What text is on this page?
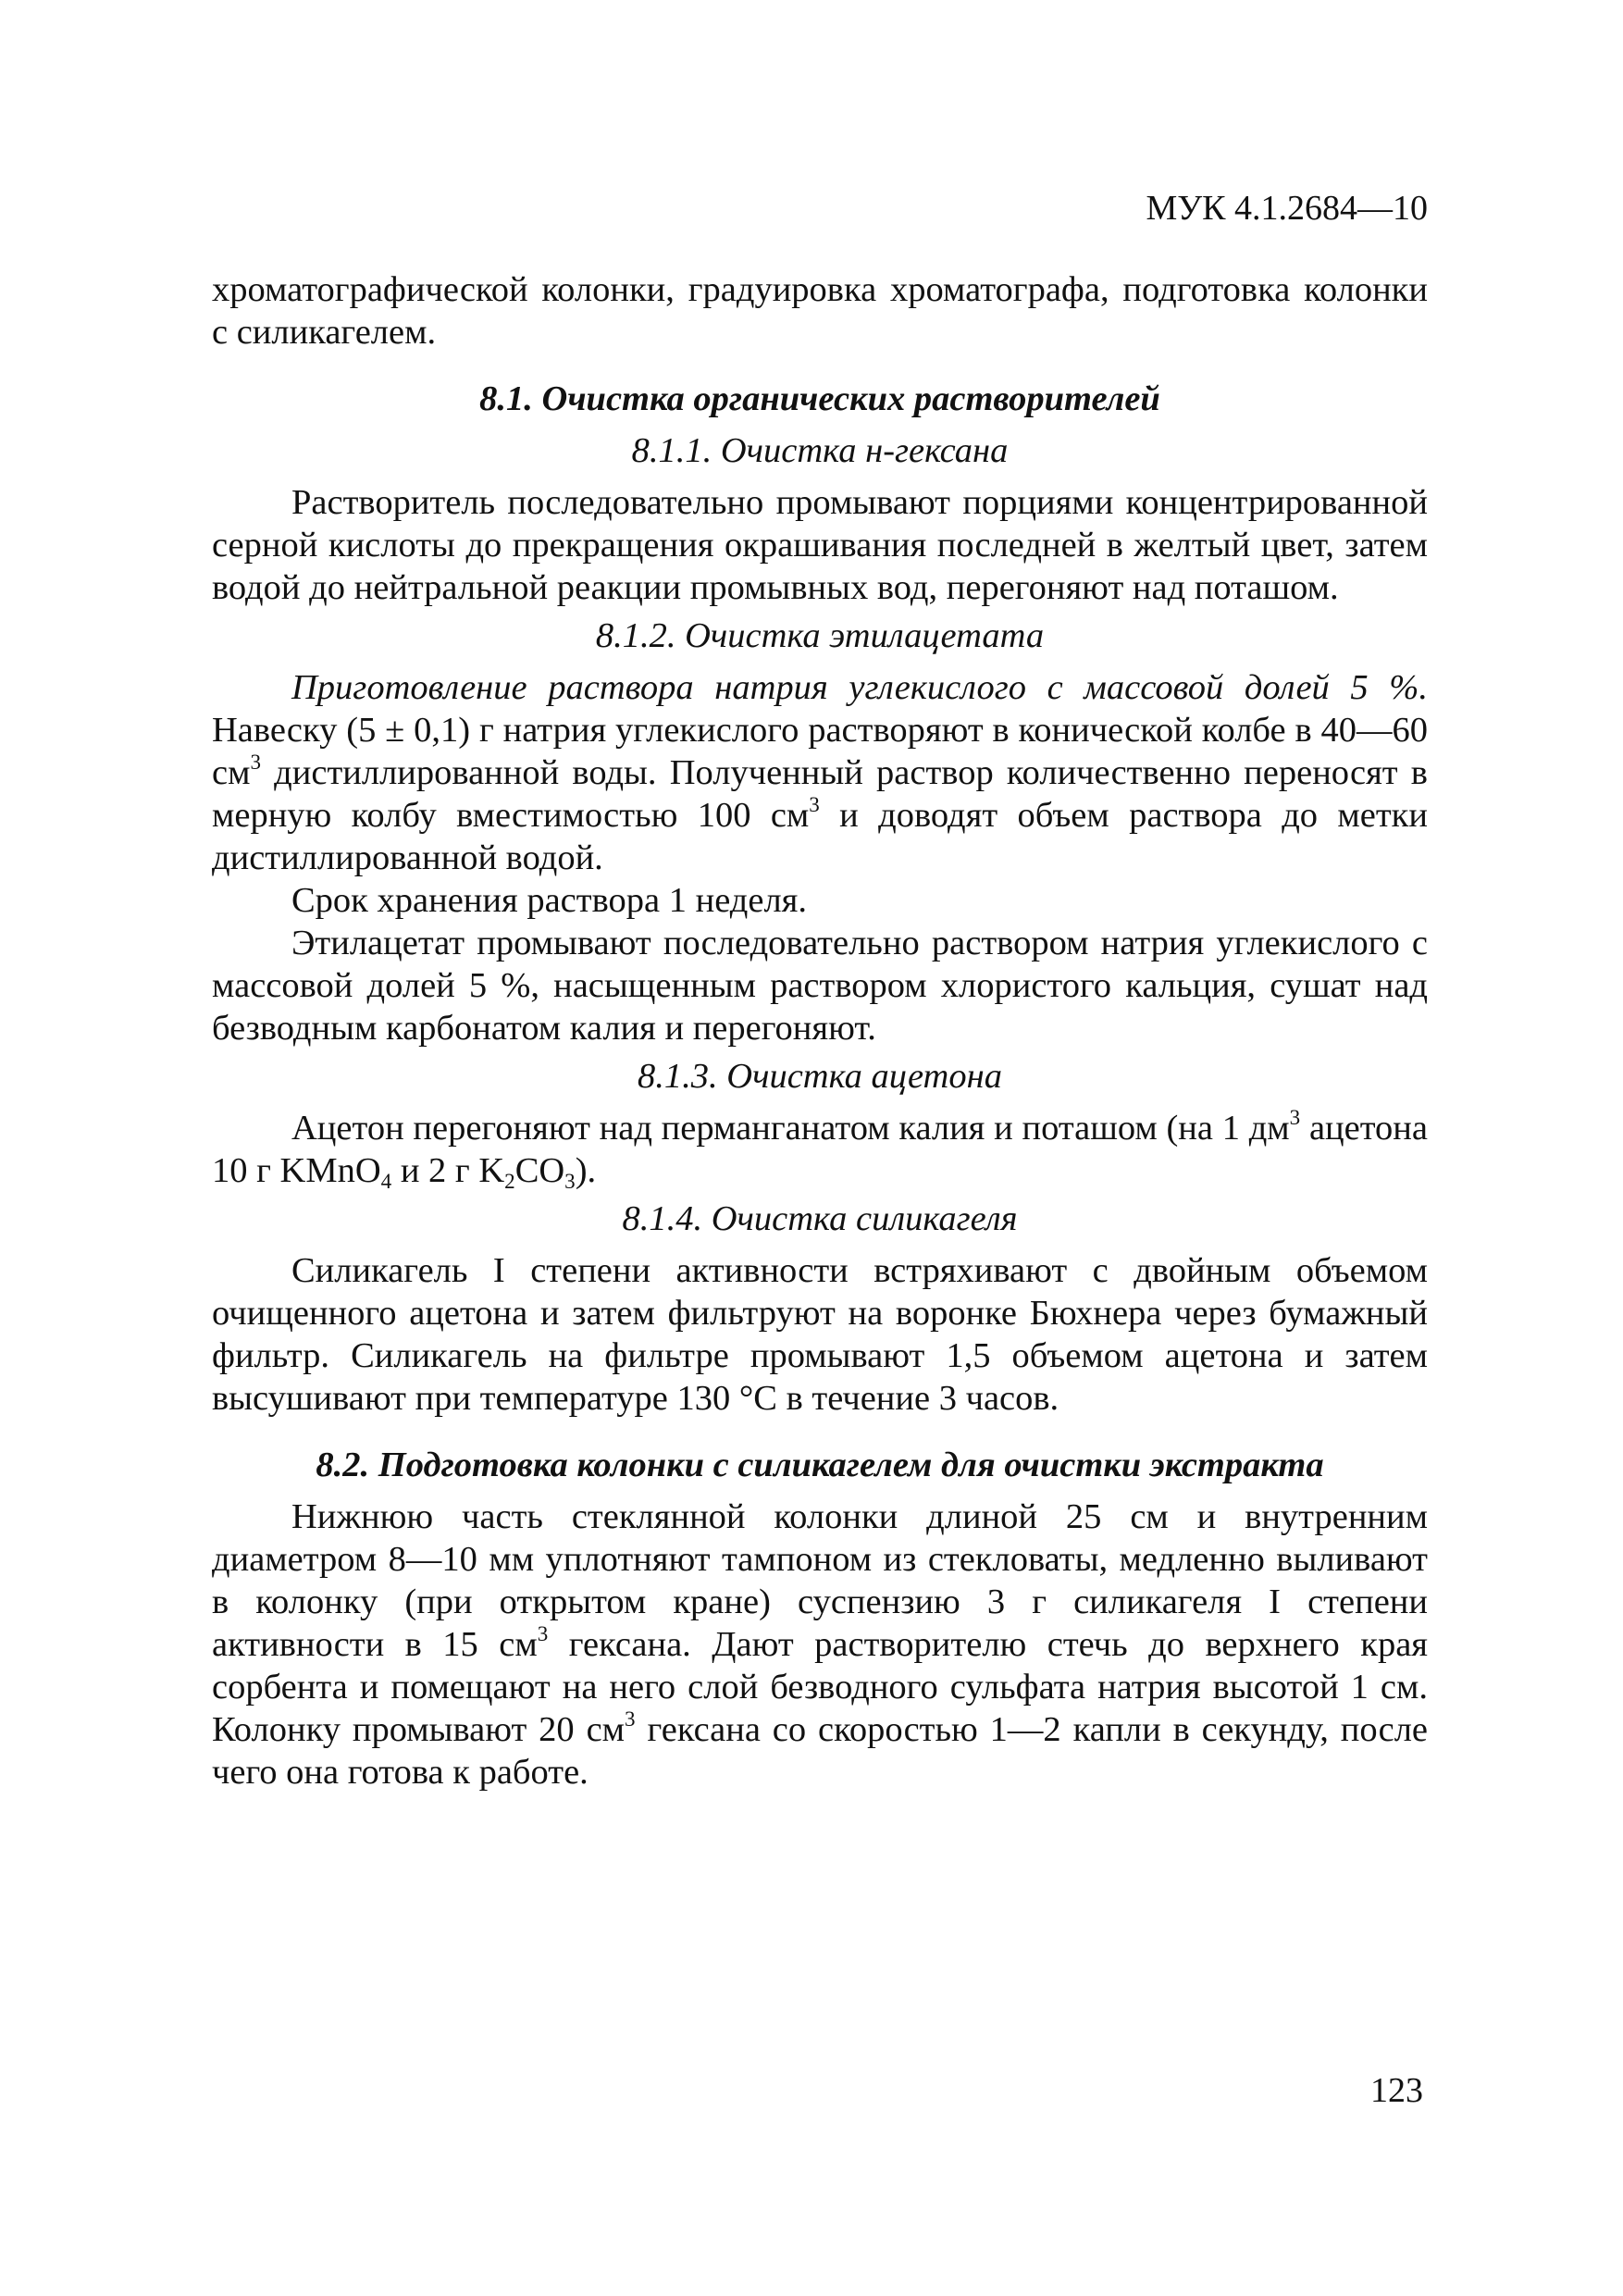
МУК 4.1.2684—10

хроматографической колонки, градуировка хроматографа, подготовка колонки с силикагелем.

8.1. Очистка органических растворителей
8.1.1. Очистка н-гексана

Растворитель последовательно промывают порциями концентрированной серной кислоты до прекращения окрашивания последней в желтый цвет, затем водой до нейтральной реакции промывных вод, перегоняют над поташом.

8.1.2. Очистка этилацетата

Приготовление раствора натрия углекислого с массовой долей 5 %. Навеску (5 ± 0,1) г натрия углекислого растворяют в конической колбе в 40—60 $см^3$ дистиллированной воды. Полученный раствор количественно переносят в мерную колбу вместимостью 100 $см^3$ и доводят объем раствора до метки дистиллированной водой.

Срок хранения раствора 1 неделя.

Этилацетат промывают последовательно раствором натрия углекислого с массовой долей 5 %, насыщенным раствором хлористого кальция, сушат над безводным карбонатом калия и перегоняют.

8.1.3. Очистка ацетона

Ацетон перегоняют над перманганатом калия и поташом (на 1 $дм^3$ ацетона 10 г KMnO$_4$ и 2 г $K_2CO_3$).

8.1.4. Очистка силикагеля

Силикагель I степени активности встряхивают с двойным объемом очищенного ацетона и затем фильтруют на воронке Бюхнера через бумажный фильтр. Силикагель на фильтре промывают 1,5 объемом ацетона и затем высушивают при температуре 130 °С в течение 3 часов.

8.2. Подготовка колонки с силикагелем для очистки экстракта

Нижнюю часть стеклянной колонки длиной 25 см и внутренним диаметром 8—10 мм уплотняют тампоном из стекловаты, медленно выливают в колонку (при открытом кране) суспензию 3 г силикагеля I степени активности в 15 $см^3$ гексана. Дают растворителю стечь до верхнего края сорбента и помещают на него слой безводного сульфата натрия высотой 1 см. Колонку промывают 20 $см^3$ гексана со скоростью 1—2 капли в секунду, после чего она готова к работе.

123
